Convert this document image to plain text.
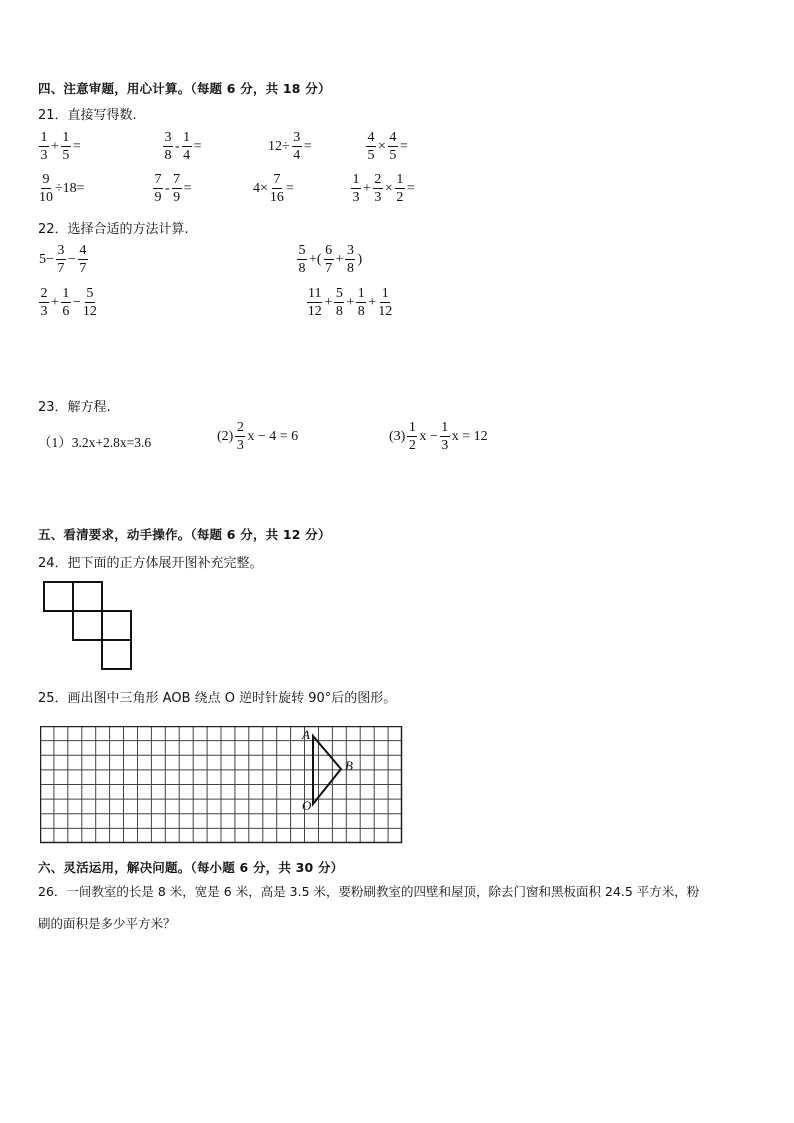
四、注意审题，用心计算。（每题 6 分，共 18 分）
21．直接写得数.
$\frac{1}{3} + \frac{1}{5}$ =	$\frac{3}{8} - \frac{1}{4}$ =	$12\div \frac{3}{4}$ =	$\frac{4}{5} \times \frac{4}{5}$ =
$\frac{9}{10} \div 18=$	$\frac{7}{9} - \frac{7}{9}$ =	$4\times \frac{7}{16}$ =	$\frac{1}{3} + \frac{2}{3} \times \frac{1}{2}$ =
22．选择合适的方法计算.
$5- \frac{3}{7} - \frac{4}{7}$	$\frac{5}{8}$ +( $\frac{6}{7} + \frac{3}{8}$ )
$\frac{2}{3} + \frac{1}{6} - \frac{5}{12}$	$\frac{11}{12} + \frac{5}{8} + \frac{1}{8} + \frac{1}{12}$
23．解方程.
（1）3.2x+2.8x=3.6	$(2) \frac{2}{3}$ x − 4 = 6	$(3) \frac{1}{2}$ $x - \frac{1}{3}$ x = 12
五、看清要求，动手操作。（每题 6 分，共 12 分）
24．把下面的正方体展开图补充完整。
25．画出图中三角形 AOB 绕点 O 逆时针旋转 90°后的图形。
A
B
O
六、灵活运用，解决问题。（每小题 6 分，共 30 分）
26．一间教室的长是 8 米，宽是 6 米，高是 3.5 米，要粉刷教室的四壁和屋顶，除去门窗和黑板面积 24.5 平方米，粉
刷的面积是多少平方米？
